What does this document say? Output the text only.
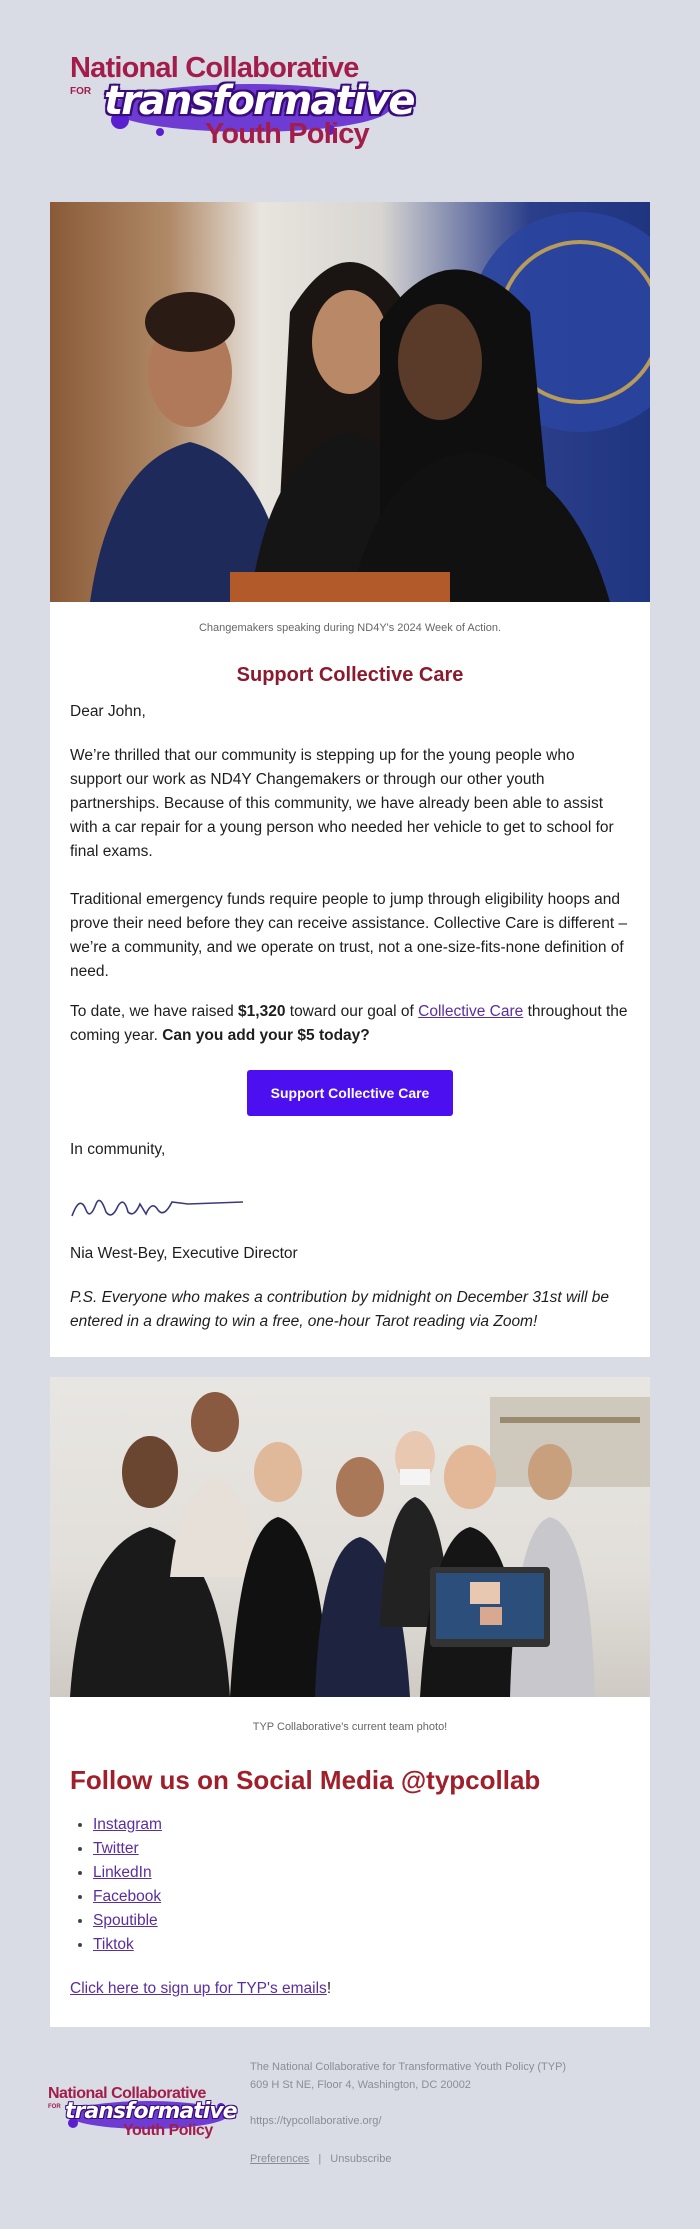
National Collaborative
FOR transformative
Youth Policy
Changemakers speaking during ND4Y's 2024 Week of Action.
Support Collective Care

Dear John,

We’re thrilled that our community is stepping up for the young people who support our work as ND4Y Changemakers or through our other youth partnerships. Because of this community, we have already been able to assist with a car repair for a young person who needed her vehicle to get to school for final exams.

Traditional emergency funds require people to jump through eligibility hoops and prove their need before they can receive assistance. Collective Care is different – we’re a community, and we operate on trust, not a one-size-fits-none definition of need.

To date, we have raised $1,320 toward our goal of Collective Care throughout the coming year. Can you add your $5 today?

Support Collective Care

In community,

Nia West-Bey, Executive Director

P.S. Everyone who makes a contribution by midnight on December 31st will be entered in a drawing to win a free, one-hour Tarot reading via Zoom!

TYP Collaborative's current team photo!
Follow us on Social Media @typcollab
• Instagram
• Twitter
• LinkedIn
• Facebook
• Spoutible
• Tiktok

Click here to sign up for TYP's emails!

National Collaborative
FOR transformative
Youth Policy
The National Collaborative for Transformative Youth Policy (TYP)
609 H St NE, Floor 4, Washington, DC 20002
https://typcollaborative.org/
Preferences | Unsubscribe
